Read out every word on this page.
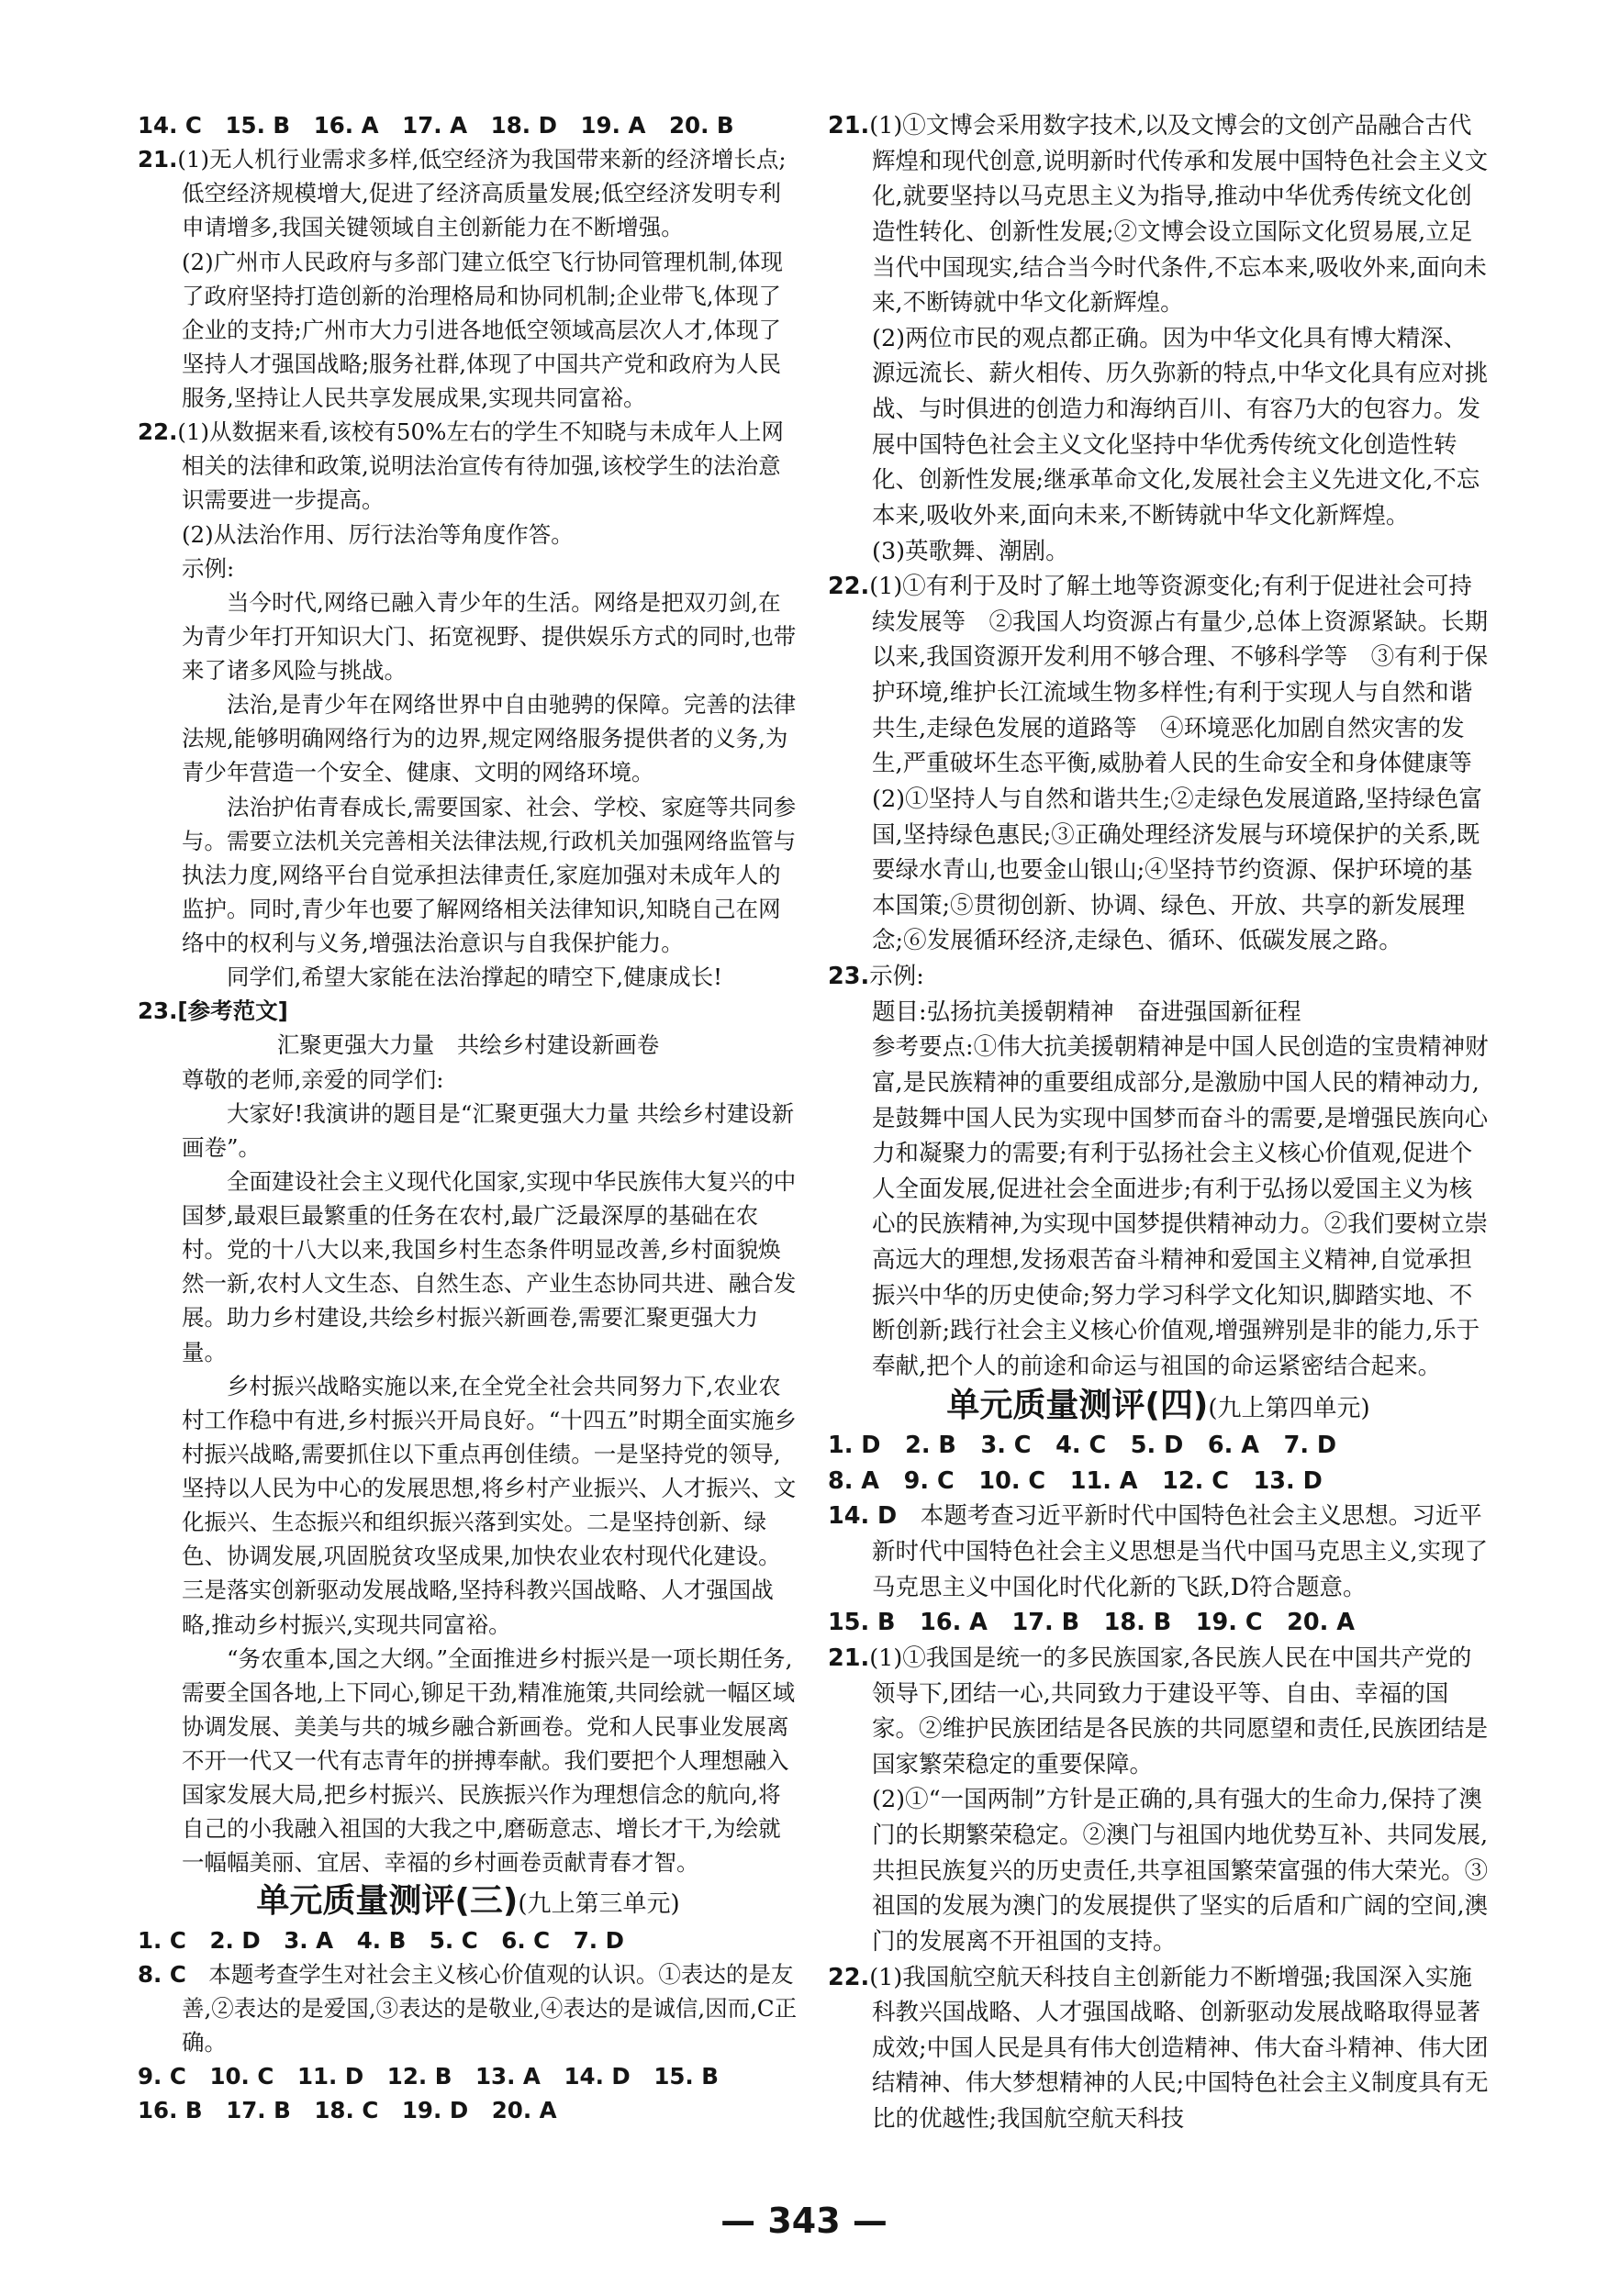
14. C   15. B   16. A   17. A   18. D   19. A   20. B

21.(1)无人机行业需求多样,低空经济为我国带来新的经济增长点;低空经济规模增大,促进了经济高质量发展;低空经济发明专利申请增多,我国关键领域自主创新能力在不断增强。

(2)广州市人民政府与多部门建立低空飞行协同管理机制,体现了政府坚持打造创新的治理格局和协同机制;企业带飞,体现了企业的支持;广州市大力引进各地低空领域高层次人才,体现了坚持人才强国战略;服务社群,体现了中国共产党和政府为人民服务,坚持让人民共享发展成果,实现共同富裕。

22.(1)从数据来看,该校有50%左右的学生不知晓与未成年人上网相关的法律和政策,说明法治宣传有待加强,该校学生的法治意识需要进一步提高。

(2)从法治作用、厉行法治等角度作答。

示例:

当今时代,网络已融入青少年的生活。网络是把双刃剑,在为青少年打开知识大门、拓宽视野、提供娱乐方式的同时,也带来了诸多风险与挑战。

法治,是青少年在网络世界中自由驰骋的保障。完善的法律法规,能够明确网络行为的边界,规定网络服务提供者的义务,为青少年营造一个安全、健康、文明的网络环境。

法治护佑青春成长,需要国家、社会、学校、家庭等共同参与。需要立法机关完善相关法律法规,行政机关加强网络监管与执法力度,网络平台自觉承担法律责任,家庭加强对未成年人的监护。同时,青少年也要了解网络相关法律知识,知晓自己在网络中的权利与义务,增强法治意识与自我保护能力。

同学们,希望大家能在法治撑起的晴空下,健康成长!

23.[参考范文]

汇聚更强大力量　共绘乡村建设新画卷

尊敬的老师,亲爱的同学们:

大家好!我演讲的题目是“汇聚更强大力量 共绘乡村建设新画卷”。

全面建设社会主义现代化国家,实现中华民族伟大复兴的中国梦,最艰巨最繁重的任务在农村,最广泛最深厚的基础在农村。党的十八大以来,我国乡村生态条件明显改善,乡村面貌焕然一新,农村人文生态、自然生态、产业生态协同共进、融合发展。助力乡村建设,共绘乡村振兴新画卷,需要汇聚更强大力量。

乡村振兴战略实施以来,在全党全社会共同努力下,农业农村工作稳中有进,乡村振兴开局良好。“十四五”时期全面实施乡村振兴战略,需要抓住以下重点再创佳绩。一是坚持党的领导,坚持以人民为中心的发展思想,将乡村产业振兴、人才振兴、文化振兴、生态振兴和组织振兴落到实处。二是坚持创新、绿色、协调发展,巩固脱贫攻坚成果,加快农业农村现代化建设。三是落实创新驱动发展战略,坚持科教兴国战略、人才强国战略,推动乡村振兴,实现共同富裕。

“务农重本,国之大纲。”全面推进乡村振兴是一项长期任务,需要全国各地,上下同心,铆足干劲,精准施策,共同绘就一幅区域协调发展、美美与共的城乡融合新画卷。党和人民事业发展离不开一代又一代有志青年的拼搏奉献。我们要把个人理想融入国家发展大局,把乡村振兴、民族振兴作为理想信念的航向,将自己的小我融入祖国的大我之中,磨砺意志、增长才干,为绘就一幅幅美丽、宜居、幸福的乡村画卷贡献青春才智。

单元质量测评(三)(九上第三单元)

1. C   2. D   3. A   4. B   5. C   6. C   7. D

8. C　 本题考查学生对社会主义核心价值观的认识。①表达的是友善,②表达的是爱国,③表达的是敬业,④表达的是诚信,因而,C正确。

9. C   10. C   11. D   12. B   13. A   14. D   15. B

16. B   17. B   18. C   19. D   20. A

21.(1)①文博会采用数字技术,以及文博会的文创产品融合古代辉煌和现代创意,说明新时代传承和发展中国特色社会主义文化,就要坚持以马克思主义为指导,推动中华优秀传统文化创造性转化、创新性发展;②文博会设立国际文化贸易展,立足当代中国现实,结合当今时代条件,不忘本来,吸收外来,面向未来,不断铸就中华文化新辉煌。

(2)两位市民的观点都正确。因为中华文化具有博大精深、源远流长、薪火相传、历久弥新的特点,中华文化具有应对挑战、与时俱进的创造力和海纳百川、有容乃大的包容力。发展中国特色社会主义文化坚持中华优秀传统文化创造性转化、创新性发展;继承革命文化,发展社会主义先进文化,不忘本来,吸收外来,面向未来,不断铸就中华文化新辉煌。

(3)英歌舞、潮剧。

22.(1)①有利于及时了解土地等资源变化;有利于促进社会可持续发展等　②我国人均资源占有量少,总体上资源紧缺。长期以来,我国资源开发利用不够合理、不够科学等　③有利于保护环境,维护长江流域生物多样性;有利于实现人与自然和谐共生,走绿色发展的道路等　④环境恶化加剧自然灾害的发生,严重破坏生态平衡,威胁着人民的生命安全和身体健康等

(2)①坚持人与自然和谐共生;②走绿色发展道路,坚持绿色富国,坚持绿色惠民;③正确处理经济发展与环境保护的关系,既要绿水青山,也要金山银山;④坚持节约资源、保护环境的基本国策;⑤贯彻创新、协调、绿色、开放、共享的新发展理念;⑥发展循环经济,走绿色、循环、低碳发展之路。

23.示例:

题目:弘扬抗美援朝精神　奋进强国新征程

参考要点:①伟大抗美援朝精神是中国人民创造的宝贵精神财富,是民族精神的重要组成部分,是激励中国人民的精神动力,是鼓舞中国人民为实现中国梦而奋斗的需要,是增强民族向心力和凝聚力的需要;有利于弘扬社会主义核心价值观,促进个人全面发展,促进社会全面进步;有利于弘扬以爱国主义为核心的民族精神,为实现中国梦提供精神动力。②我们要树立崇高远大的理想,发扬艰苦奋斗精神和爱国主义精神,自觉承担振兴中华的历史使命;努力学习科学文化知识,脚踏实地、不断创新;践行社会主义核心价值观,增强辨别是非的能力,乐于奉献,把个人的前途和命运与祖国的命运紧密结合起来。

单元质量测评(四)(九上第四单元)

1. D   2. B   3. C   4. C   5. D   6. A   7. D

8. A   9. C   10. C   11. A   12. C   13. D

14. D　 本题考查习近平新时代中国特色社会主义思想。习近平新时代中国特色社会主义思想是当代中国马克思主义,实现了马克思主义中国化时代化新的飞跃,D符合题意。

15. B   16. A   17. B   18. B   19. C   20. A

21.(1)①我国是统一的多民族国家,各民族人民在中国共产党的领导下,团结一心,共同致力于建设平等、自由、幸福的国家。②维护民族团结是各民族的共同愿望和责任,民族团结是国家繁荣稳定的重要保障。

(2)①“一国两制”方针是正确的,具有强大的生命力,保持了澳门的长期繁荣稳定。②澳门与祖国内地优势互补、共同发展,共担民族复兴的历史责任,共享祖国繁荣富强的伟大荣光。③祖国的发展为澳门的发展提供了坚实的后盾和广阔的空间,澳门的发展离不开祖国的支持。

22.(1)我国航空航天科技自主创新能力不断增强;我国深入实施科教兴国战略、人才强国战略、创新驱动发展战略取得显著成效;中国人民是具有伟大创造精神、伟大奋斗精神、伟大团结精神、伟大梦想精神的人民;中国特色社会主义制度具有无比的优越性;我国航空航天科技

— 343 —
